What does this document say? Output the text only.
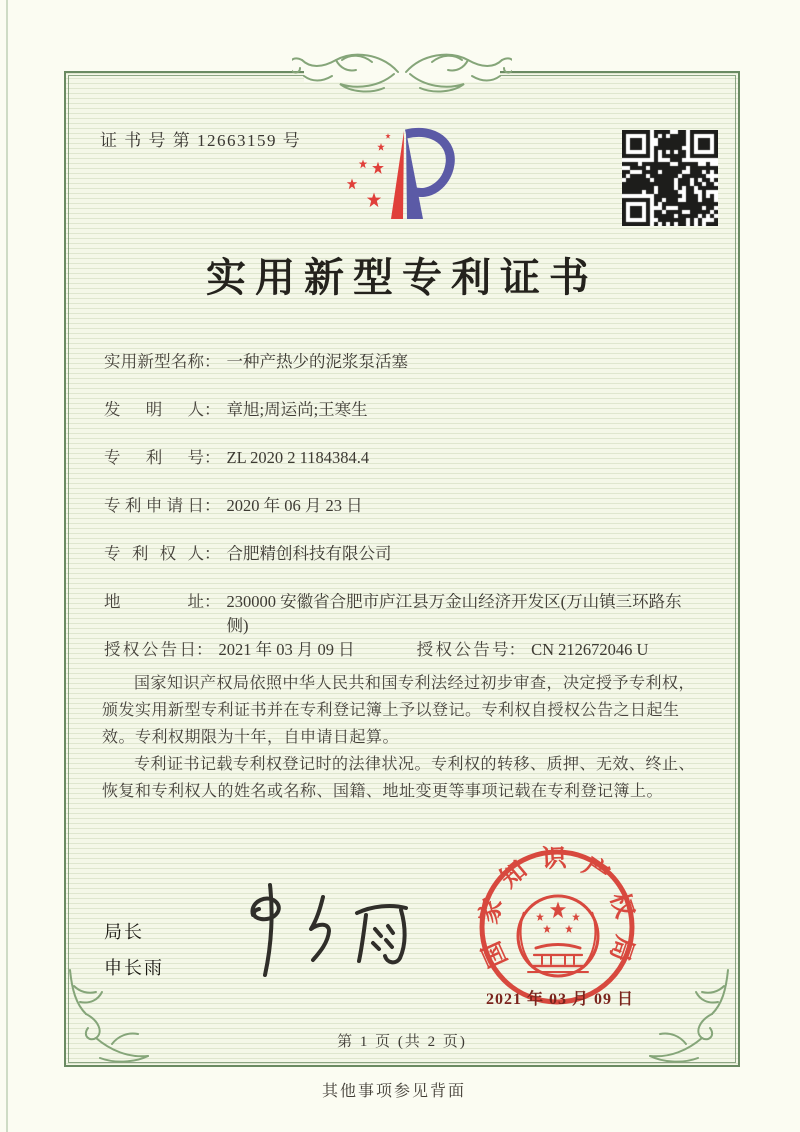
证 书 号 第 12663159 号
实用新型专利证书
实用新型名称 ： 一种产热少的泥浆泵活塞
发明人 ： 章旭;周运尚;王寒生
专利号 ： ZL 2020 2 1184384.4
专利申请日 ： 2020 年 06 月 23 日
专利权人 ： 合肥精创科技有限公司
地址 ： 230000 安徽省合肥市庐江县万金山经济开发区(万山镇三环路东侧)
授权公告日 ： 2021 年 03 月 09 日	授权公告号 ： CN 212672046 U

国家知识产权局依照中华人民共和国专利法经过初步审查，决定授予专利权，颁发实用新型专利证书并在专利登记簿上予以登记。专利权自授权公告之日起生效。专利权期限为十年，自申请日起算。

专利证书记载专利权登记时的法律状况。专利权的转移、质押、无效、终止、恢复和专利权人的姓名或名称、国籍、地址变更等事项记载在专利登记簿上。

局长
申长雨	国家知识产权局
2021 年 03 月 09 日
第 1 页 (共 2 页)
其他事项参见背面
